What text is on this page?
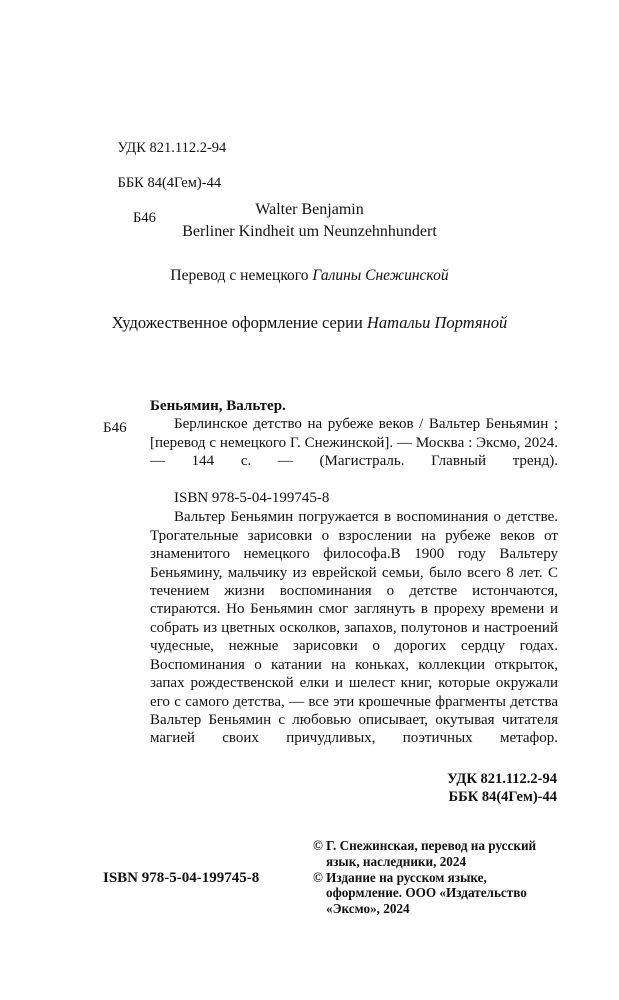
УДК 821.112.2-94

ББК 84(4Гем)-44

Б46

	Walter Benjamin
Berliner Kindheit um Neunzehnhundert
Перевод с немецкого Галины Снежинской
Художественное оформление серии Натальи Портяной
Б46
Беньямин, Вальтер.
Берлинское детство на рубеже веков / Вальтер Беньямин ; [перевод с немецкого Г. Снежинской]. — Москва : Эксмо, 2024. — 144 с. — (Магистраль. Главный тренд).
ISBN 978-5-04-199745-8
Вальтер Беньямин погружается в воспоминания о детстве. Трогательные зарисовки о взрослении на рубеже веков от знаменитого немецкого философа.В 1900 году Вальтеру Беньямину, мальчику из еврейской семьи, было всего 8 лет. С течением жизни воспоминания о детстве истончаются, стираются. Но Беньямин смог заглянуть в прореху времени и собрать из цветных осколков, запахов, полутонов и настроений чудесные, нежные зарисовки о дорогих сердцу годах. Воспоминания о катании на коньках, коллекции открыток, запах рождественской елки и шелест книг, которые окружали его с самого детства, — все эти крошечные фрагменты детства Вальтер Беньямин с любовью описывает, окутывая читателя магией своих причудливых, поэтичных метафор.
УДК 821.112.2-94
ББК 84(4Гем)-44

© Г. Снежинская, перевод на русский язык, наследники, 2024

© Издание на русском языке, оформление. ООО «Издательство «Эксмо», 2024

ISBN 978-5-04-199745-8
